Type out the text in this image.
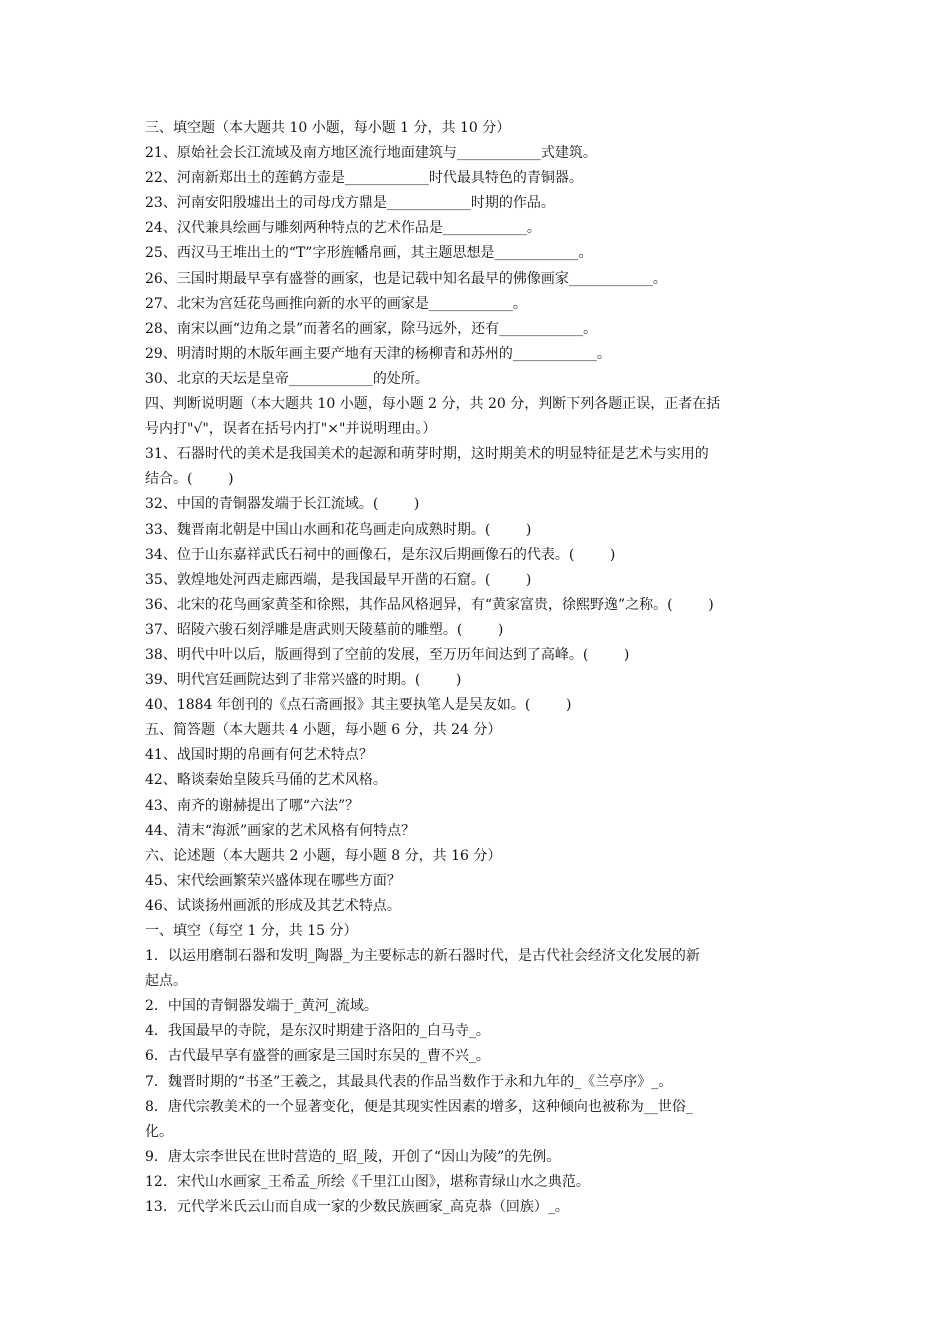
三、填空题（本大题共 10 小题，每小题 1 分，共 10 分）
21、原始社会长江流域及南方地区流行地面建筑与____________式建筑。
22、河南新郑出土的莲鹤方壶是____________时代最具特色的青铜器。
23、河南安阳殷墟出土的司母戊方鼎是____________时期的作品。
24、汉代兼具绘画与雕刻两种特点的艺术作品是____________。
25、西汉马王堆出土的“T”字形旌幡帛画，其主题思想是____________。
26、三国时期最早享有盛誉的画家，也是记载中知名最早的佛像画家____________。
27、北宋为宫廷花鸟画推向新的水平的画家是____________。
28、南宋以画“边角之景”而著名的画家，除马远外，还有____________。
29、明清时期的木版年画主要产地有天津的杨柳青和苏州的____________。
30、北京的天坛是皇帝____________的处所。
四、判断说明题（本大题共 10 小题，每小题 2 分，共 20 分，判断下列各题正误，正者在括
号内打"√"，误者在括号内打"×"并说明理由。）
31、石器时代的美术是我国美术的起源和萌芽时期，这时期美术的明显特征是艺术与实用的
结合。(        )
32、中国的青铜器发端于长江流域。(        )
33、魏晋南北朝是中国山水画和花鸟画走向成熟时期。(        )
34、位于山东嘉祥武氏石祠中的画像石，是东汉后期画像石的代表。(        )
35、敦煌地处河西走廊西端，是我国最早开凿的石窟。(        )
36、北宋的花鸟画家黄荃和徐熙，其作品风格迥异，有“黄家富贵，徐熙野逸”之称。(        )
37、昭陵六骏石刻浮雕是唐武则天陵墓前的雕塑。(        )
38、明代中叶以后，版画得到了空前的发展，至万历年间达到了高峰。(        )
39、明代宫廷画院达到了非常兴盛的时期。(        )
40、1884 年创刊的《点石斋画报》其主要执笔人是吴友如。(        )
五、简答题（本大题共 4 小题，每小题 6 分，共 24 分）
41、战国时期的帛画有何艺术特点？
42、略谈秦始皇陵兵马俑的艺术风格。
43、南齐的谢赫提出了哪“六法”？
44、清末“海派”画家的艺术风格有何特点？
六、论述题（本大题共 2 小题，每小题 8 分，共 16 分）
45、宋代绘画繁荣兴盛体现在哪些方面？
46、试谈扬州画派的形成及其艺术特点。
一、填空（每空 1 分，共 15 分）
1．以运用磨制石器和发明_陶器_为主要标志的新石器时代，是古代社会经济文化发展的新
起点。
2．中国的青铜器发端于_黄河_流域。
4．我国最早的寺院，是东汉时期建于洛阳的_白马寺_。
6．古代最早享有盛誉的画家是三国时东吴的_曹不兴_。
7．魏晋时期的“书圣”王羲之，其最具代表的作品当数作于永和九年的_《兰亭序》_。
8．唐代宗教美术的一个显著变化，便是其现实性因素的增多，这种倾向也被称为__世俗_
化。
9．唐太宗李世民在世时营造的_昭_陵，开创了“因山为陵”的先例。
12．宋代山水画家_王希孟_所绘《千里江山图》，堪称青绿山水之典范。
13．元代学米氏云山而自成一家的少数民族画家_高克恭（回族）_。
